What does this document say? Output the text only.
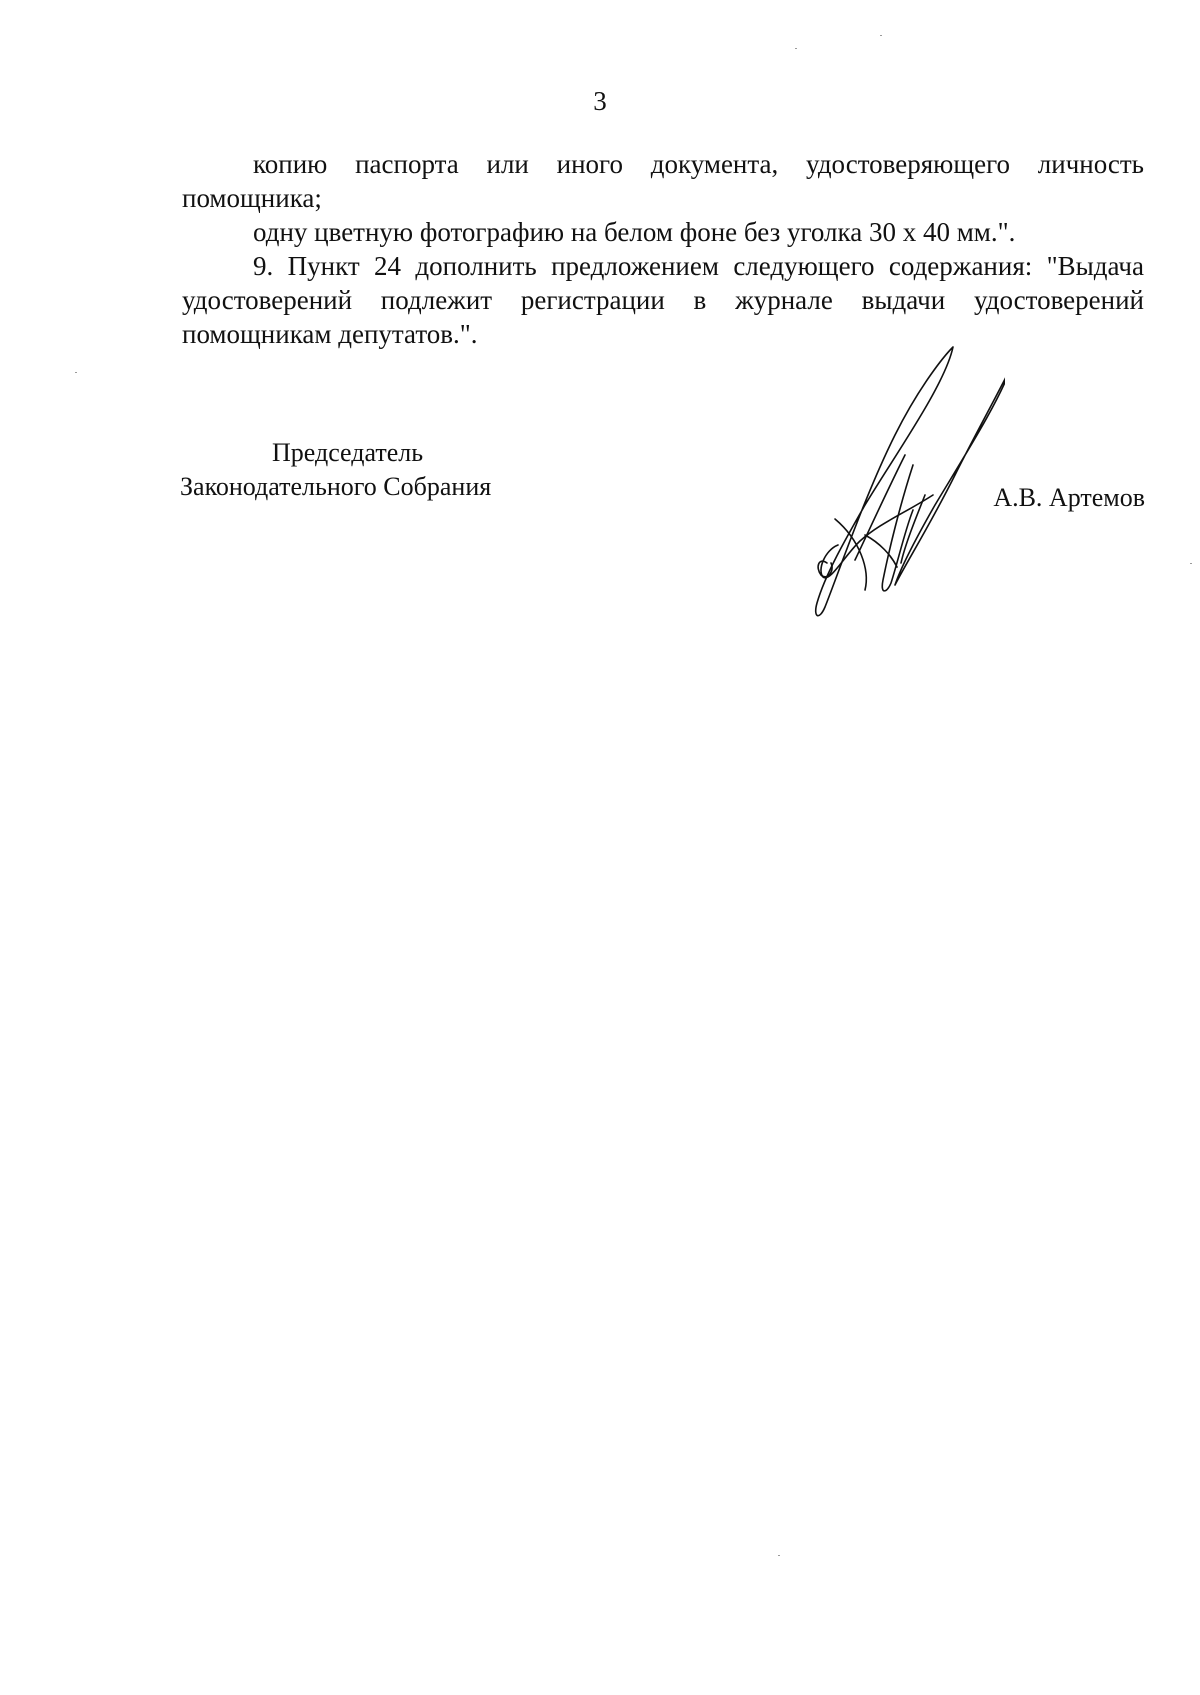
3

копию паспорта или иного документа, удостоверяющего личность помощника;

одну цветную фотографию на белом фоне без уголка 30 х 40 мм.".

9. Пункт 24 дополнить предложением следующего содержания: "Выдача удостоверений подлежит регистрации в журнале выдачи удостоверений помощникам депутатов.".

Председатель
Законодательного Собрания	А.В. Артемов
